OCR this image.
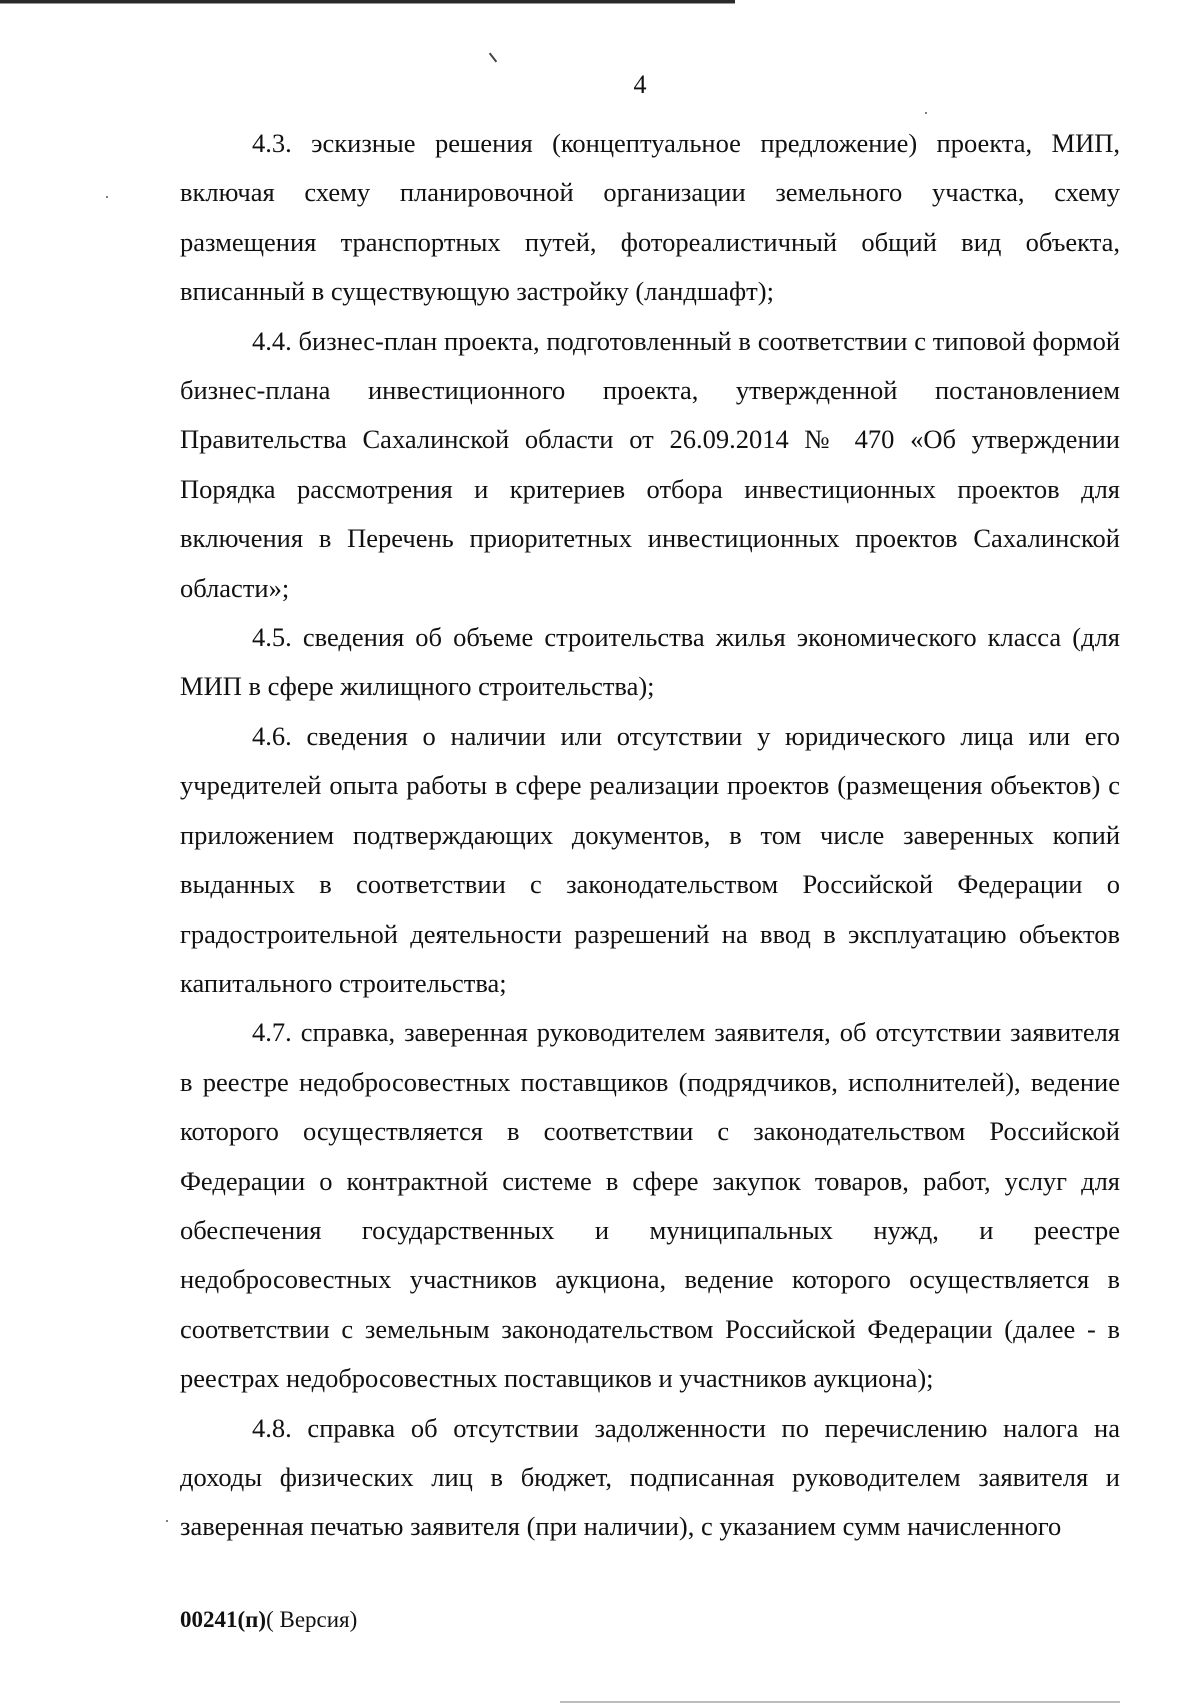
4

4.3. эскизные решения (концептуальное предложение) проекта, МИП, включая схему планировочной организации земельного участка, схему размещения транспортных путей, фотореалистичный общий вид объекта, вписанный в существующую застройку (ландшафт);

4.4. бизнес-план проекта, подготовленный в соответствии с типовой формой бизнес-плана инвестиционного проекта, утвержденной постановлением Правительства Сахалинской области от 26.09.2014 № 470 «Об утверждении Порядка рассмотрения и критериев отбора инвестиционных проектов для включения в Перечень приоритетных инвестиционных проектов Сахалинской области»;

4.5. сведения об объеме строительства жилья экономического класса (для МИП в сфере жилищного строительства);

4.6. сведения о наличии или отсутствии у юридического лица или его учредителей опыта работы в сфере реализации проектов (размещения объектов) с приложением подтверждающих документов, в том числе заверенных копий выданных в соответствии с законодательством Российской Федерации о градостроительной деятельности разрешений на ввод в эксплуатацию объектов капитального строительства;

4.7. справка, заверенная руководителем заявителя, об отсутствии заявителя в реестре недобросовестных поставщиков (подрядчиков, исполнителей), ведение которого осуществляется в соответствии с законодательством Российской Федерации о контрактной системе в сфере закупок товаров, работ, услуг для обеспечения государственных и муниципальных нужд, и реестре недобросовестных участников аукциона, ведение которого осуществляется в соответствии с земельным законодательством Российской Федерации (далее - в реестрах недобросовестных поставщиков и участников аукциона);

4.8. справка об отсутствии задолженности по перечислению налога на доходы физических лиц в бюджет, подписанная руководителем заявителя и заверенная печатью заявителя (при наличии), с указанием сумм начисленного

00241(п)( Версия)
